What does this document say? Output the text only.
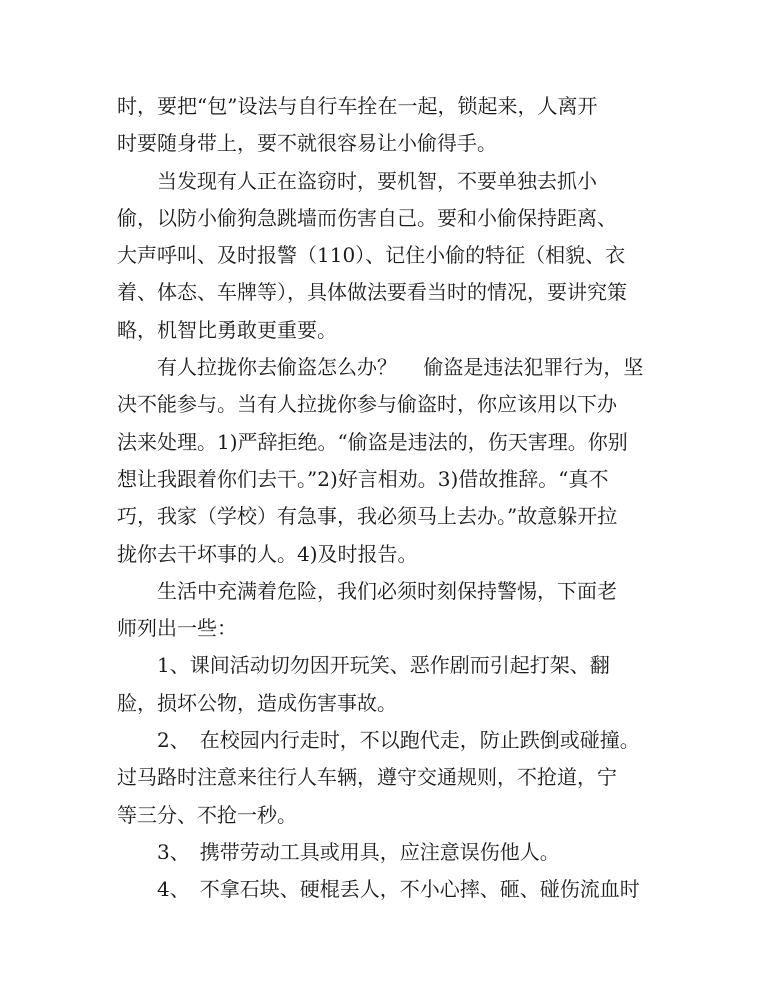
时，要把“包”设法与自行车拴在一起，锁起来，人离开
时要随身带上，要不就很容易让小偷得手。
当发现有人正在盗窃时，要机智，不要单独去抓小
偷，以防小偷狗急跳墙而伤害自己。要和小偷保持距离、
大声呼叫、及时报警（110）、记住小偷的特征（相貌、衣
着、体态、车牌等），具体做法要看当时的情况，要讲究策
略，机智比勇敢更重要。
有人拉拢你去偷盗怎么办？　 偷盗是违法犯罪行为，坚
决不能参与。当有人拉拢你参与偷盗时，你应该用以下办
法来处理。1)严辞拒绝。“偷盗是违法的，伤天害理。你别
想让我跟着你们去干。”2)好言相劝。3)借故推辞。“真不
巧，我家（学校）有急事，我必须马上去办。”故意躲开拉
拢你去干坏事的人。4)及时报告。
生活中充满着危险，我们必须时刻保持警惕，下面老
师列出一些：
1、课间活动切勿因开玩笑、恶作剧而引起打架、翻
脸，损坏公物，造成伤害事故。
2、　在校园内行走时，不以跑代走，防止跌倒或碰撞。
过马路时注意来往行人车辆，遵守交通规则，不抢道，宁
等三分、不抢一秒。
3、　携带劳动工具或用具，应注意误伤他人。
4、　不拿石块、硬棍丢人，不小心摔、砸、碰伤流血时
